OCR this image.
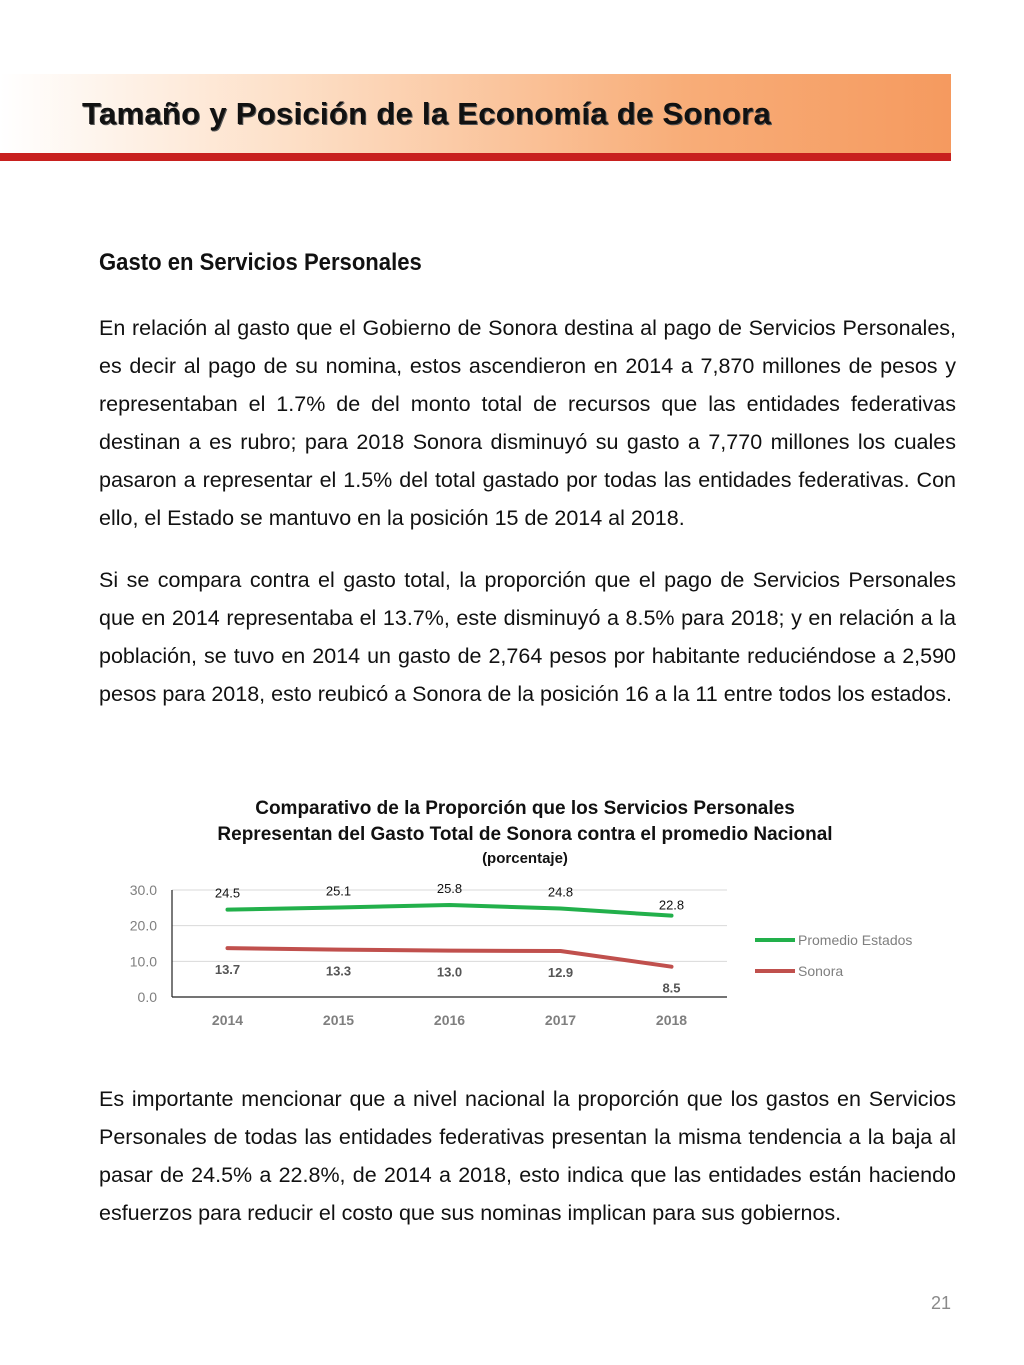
Tamaño y Posición de la Economía de Sonora
Gasto en Servicios Personales

En relación al gasto que el Gobierno de Sonora destina al pago de Servicios Personales, es decir al pago de su nomina, estos ascendieron en 2014 a 7,870 millones de pesos y representaban el 1.7% de del monto total de recursos que las entidades federativas destinan a es rubro; para 2018 Sonora disminuyó su gasto a 7,770 millones los cuales pasaron a representar el 1.5% del total gastado por todas las entidades federativas. Con ello, el Estado se mantuvo en la posición 15 de 2014 al 2018.

Si se compara contra el gasto total, la proporción que el pago de Servicios Personales que en 2014 representaba el 13.7%, este disminuyó a 8.5% para 2018; y en relación a la población, se tuvo en 2014 un gasto de 2,764 pesos por habitante reduciéndose a 2,590 pesos para 2018, esto reubicó a Sonora de la posición 16 a la 11 entre todos los estados.

Comparativo de la Proporción que los Servicios Personales
Representan del Gasto Total de Sonora contra el promedio Nacional
(porcentaje)
0.0
10.0
20.0
30.0
2014	2015	2016	2017	2018
24.5	25.1	25.8	24.8
22.8
13.7	13.3	13.0	12.9
8.5
Promedio Estados
Sonora

Es importante mencionar que a nivel nacional la proporción que los gastos en Servicios Personales de todas las entidades federativas presentan la misma tendencia a la baja al pasar de 24.5% a 22.8%, de 2014 a 2018, esto indica que las entidades están haciendo esfuerzos para reducir el costo que sus nominas implican para sus gobiernos.

21
